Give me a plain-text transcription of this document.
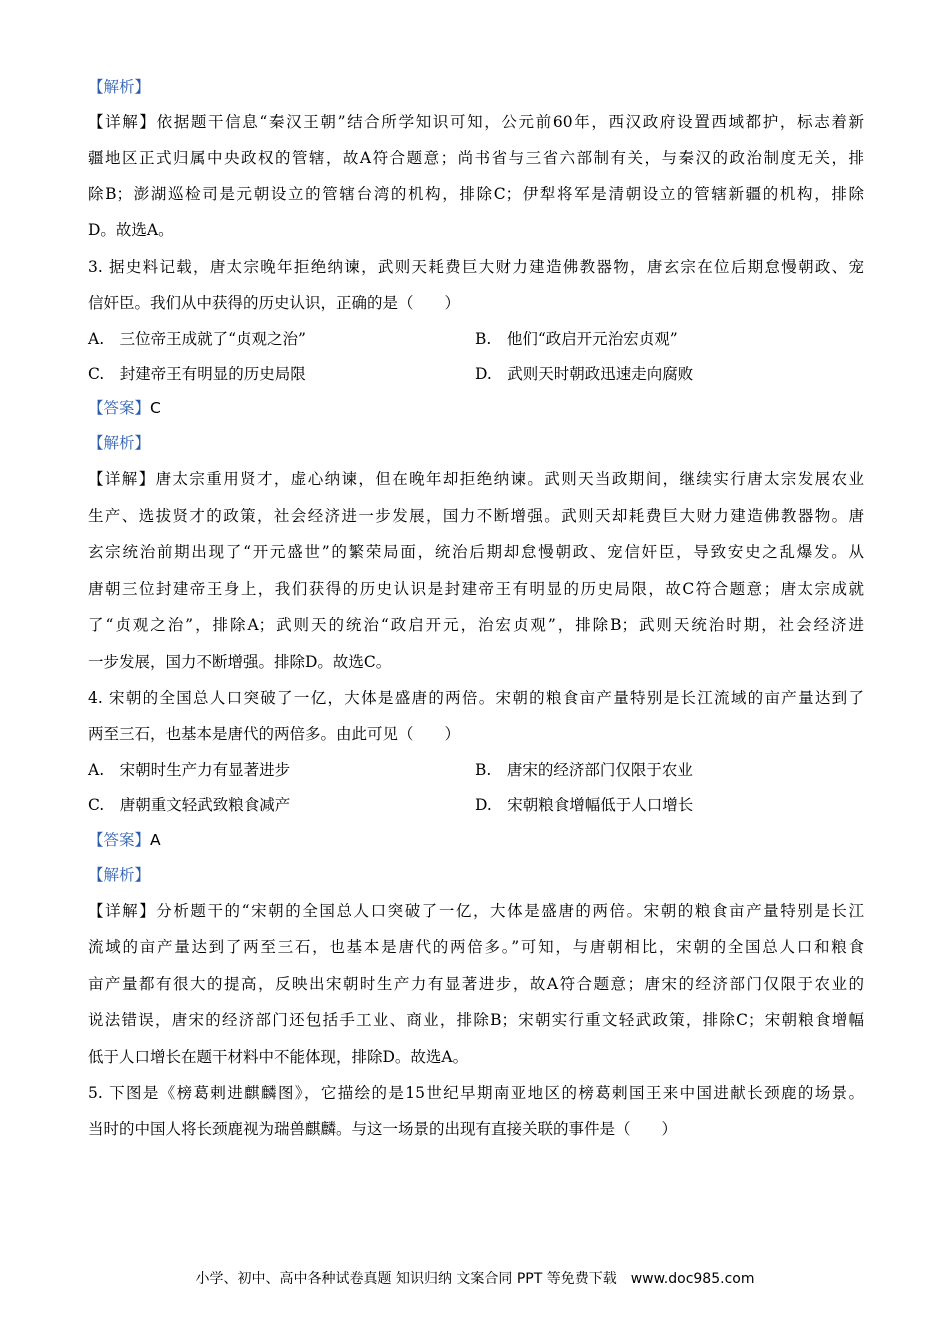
【解析】
【详解】依据题干信息“秦汉王朝”结合所学知识可知，公元前60年，西汉政府设置西域都护，标志着新
疆地区正式归属中央政权的管辖，故A符合题意；尚书省与三省六部制有关，与秦汉的政治制度无关，排
除B；澎湖巡检司是元朝设立的管辖台湾的机构，排除C；伊犁将军是清朝设立的管辖新疆的机构，排除
D。故选A。
3. 据史料记载，唐太宗晚年拒绝纳谏，武则天耗费巨大财力建造佛教器物，唐玄宗在位后期怠慢朝政、宠
信奸臣。我们从中获得的历史认识，正确的是（　　）
A.　三位帝王成就了“贞观之治”	B.　他们“政启开元治宏贞观”
C.　封建帝王有明显的历史局限	D.　武则天时朝政迅速走向腐败
【答案】C
【解析】
【详解】唐太宗重用贤才，虚心纳谏，但在晚年却拒绝纳谏。武则天当政期间，继续实行唐太宗发展农业
生产、选拔贤才的政策，社会经济进一步发展，国力不断增强。武则天却耗费巨大财力建造佛教器物。唐
玄宗统治前期出现了“开元盛世”的繁荣局面，统治后期却怠慢朝政、宠信奸臣，导致安史之乱爆发。从
唐朝三位封建帝王身上，我们获得的历史认识是封建帝王有明显的历史局限，故C符合题意；唐太宗成就
了“贞观之治”，排除A；武则天的统治“政启开元，治宏贞观”，排除B；武则天统治时期，社会经济进
一步发展，国力不断增强。排除D。故选C。
4. 宋朝的全国总人口突破了一亿，大体是盛唐的两倍。宋朝的粮食亩产量特别是长江流域的亩产量达到了
两至三石，也基本是唐代的两倍多。由此可见（　　）
A.　宋朝时生产力有显著进步	B.　唐宋的经济部门仅限于农业
C.　唐朝重文轻武致粮食减产	D.　宋朝粮食增幅低于人口增长
【答案】A
【解析】
【详解】分析题干的“宋朝的全国总人口突破了一亿，大体是盛唐的两倍。宋朝的粮食亩产量特别是长江
流域的亩产量达到了两至三石，也基本是唐代的两倍多。”可知，与唐朝相比，宋朝的全国总人口和粮食
亩产量都有很大的提高，反映出宋朝时生产力有显著进步，故A符合题意；唐宋的经济部门仅限于农业的
说法错误，唐宋的经济部门还包括手工业、商业，排除B；宋朝实行重文轻武政策，排除C；宋朝粮食增幅
低于人口增长在题干材料中不能体现，排除D。故选A。
5. 下图是《榜葛剌进麒麟图》，它描绘的是15世纪早期南亚地区的榜葛剌国王来中国进献长颈鹿的场景。
当时的中国人将长颈鹿视为瑞兽麒麟。与这一场景的出现有直接关联的事件是（　　）
小学、初中、高中各种试卷真题 知识归纳 文案合同 PPT 等免费下载　www.doc985.com
